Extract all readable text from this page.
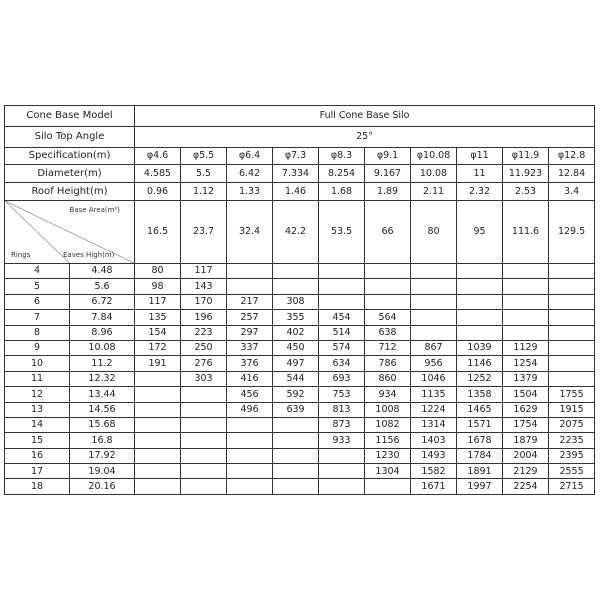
Cone Base Model		Full Cone Base Silo									
Silo Top Angle		25°									
Specification(m)		φ4.6	φ5.5	φ6.4	φ7.3	φ8.3	φ9.1	φ10.08	φ11	φ11.9	φ12.8
Diameter(m)		4.585	5.5	6.42	7.334	8.254	9.167	10.08	11	11.923	12.84
Roof Height(m)		0.96	1.12	1.33	1.46	1.68	1.89	2.11	2.32	2.53	3.4

Base Area(m²)
Rings Eaves High(m)		16.5	23.7	32.4	42.2	53.5	66	80	95	111.6	129.5
4	4.48	80	117								
5	5.6	98	143								
6	6.72	117	170	217	308						
7	7.84	135	196	257	355	454	564				
8	8.96	154	223	297	402	514	638				
9	10.08	172	250	337	450	574	712	867	1039	1129	
10	11.2	191	276	376	497	634	786	956	1146	1254	
11	12.32		303	416	544	693	860	1046	1252	1379	
12	13.44			456	592	753	934	1135	1358	1504	1755
13	14.56			496	639	813	1008	1224	1465	1629	1915
14	15.68					873	1082	1314	1571	1754	2075
15	16.8					933	1156	1403	1678	1879	2235
16	17.92						1230	1493	1784	2004	2395
17	19.04						1304	1582	1891	2129	2555
18	20.16							1671	1997	2254	2715
